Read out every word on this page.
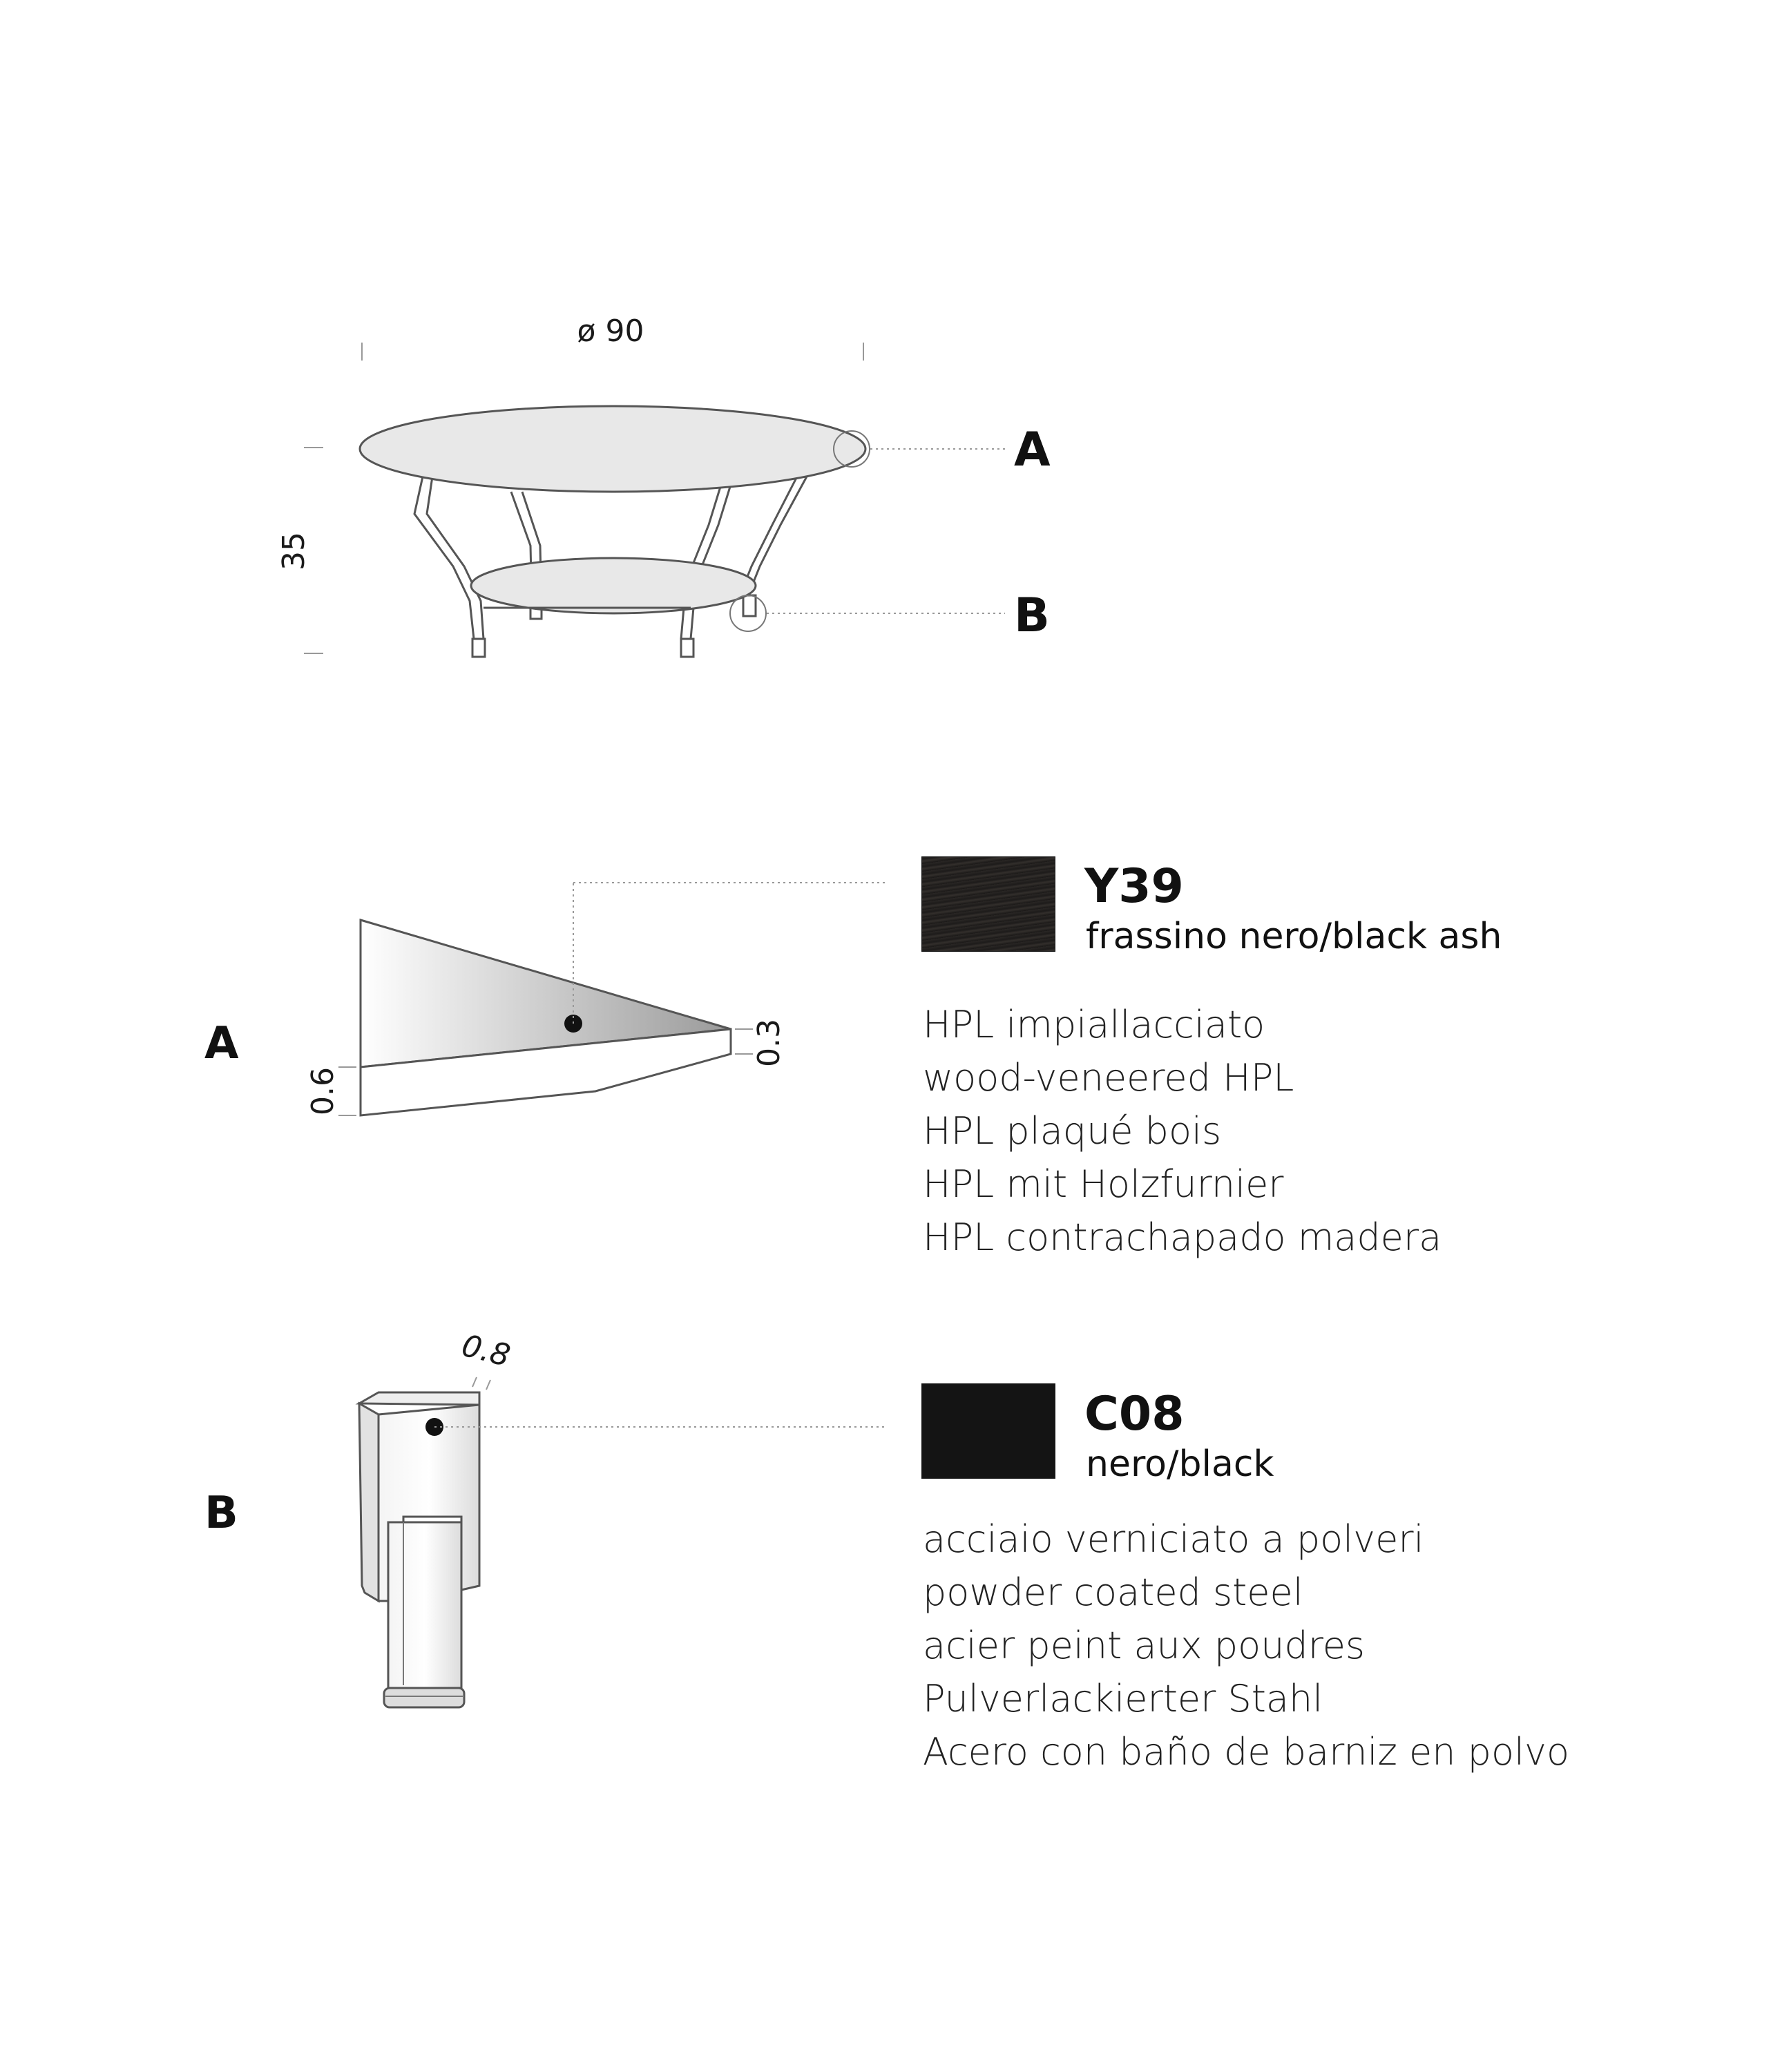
ø 90
35
A
B
A	0.3
0.6
B
0.8
Y39
frassino nero/black ash
HPL impiallacciato
wood-veneered HPL
HPL plaqué bois
HPL mit Holzfurnier
HPL contrachapado madera
C08
nero/black
acciaio verniciato a polveri
powder coated steel
acier peint aux poudres
Pulverlackierter Stahl
Acero con baño de barniz en polvo
